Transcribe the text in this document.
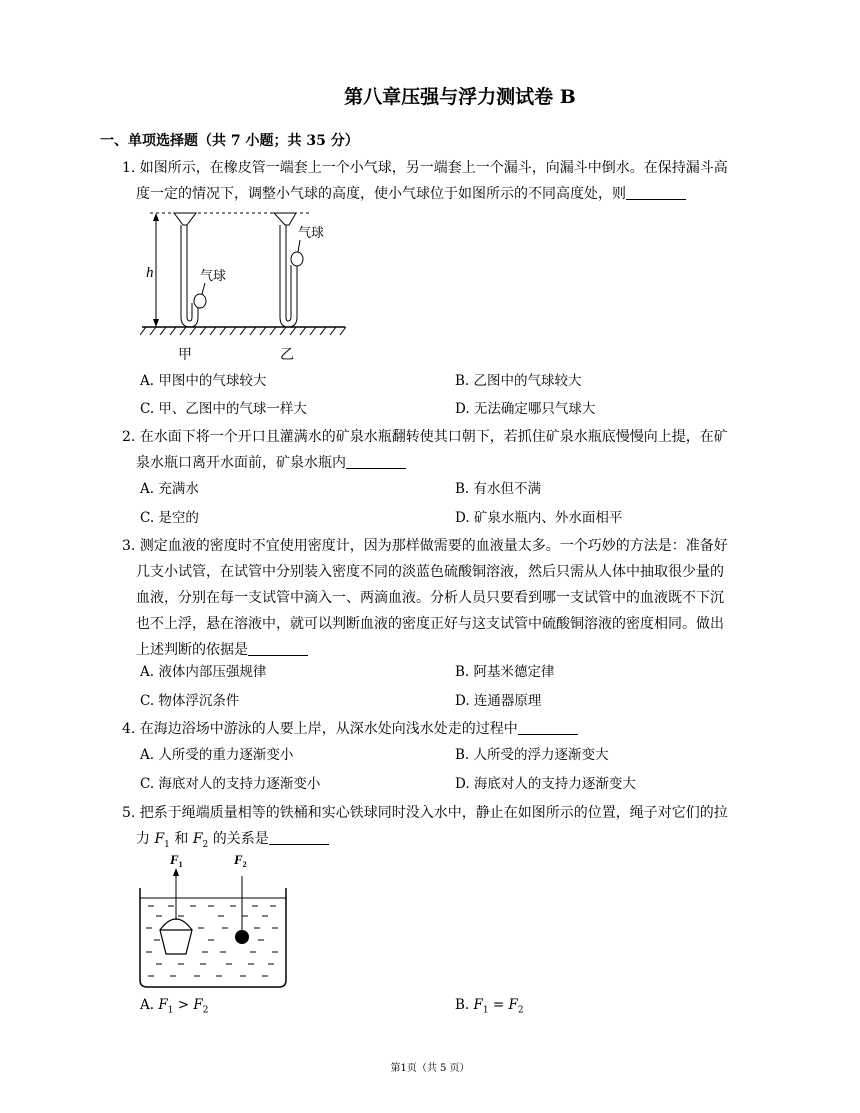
第八章压强与浮力测试卷 B
一、单项选择题（共 7 小题；共 35 分）
1. 如图所示，在橡皮管一端套上一个小气球，另一端套上一个漏斗，向漏斗中倒水。在保持漏斗高
度一定的情况下，调整小气球的高度，使小气球位于如图所示的不同高度处，则
h	气球
气球
甲	乙
A. 甲图中的气球较大	B. 乙图中的气球较大
C. 甲、乙图中的气球一样大	D. 无法确定哪只气球大
2. 在水面下将一个开口且灌满水的矿泉水瓶翻转使其口朝下，若抓住矿泉水瓶底慢慢向上提，在矿
泉水瓶口离开水面前，矿泉水瓶内
A. 充满水	B. 有水但不满
C. 是空的	D. 矿泉水瓶内、外水面相平
3. 测定血液的密度时不宜使用密度计，因为那样做需要的血液量太多。一个巧妙的方法是：准备好
几支小试管，在试管中分别装入密度不同的淡蓝色硫酸铜溶液，然后只需从人体中抽取很少量的
血液，分别在每一支试管中滴入一、两滴血液。分析人员只要看到哪一支试管中的血液既不下沉
也不上浮，悬在溶液中，就可以判断血液的密度正好与这支试管中硫酸铜溶液的密度相同。做出
上述判断的依据是
A. 液体内部压强规律	B. 阿基米德定律
C. 物体浮沉条件	D. 连通器原理
4. 在海边浴场中游泳的人要上岸，从深水处向浅水处走的过程中
A. 人所受的重力逐渐变小	B. 人所受的浮力逐渐变大
C. 海底对人的支持力逐渐变小	D. 海底对人的支持力逐渐变大
5. 把系于绳端质量相等的铁桶和实心铁球同时没入水中，静止在如图所示的位置，绳子对它们的拉
力 $F_1$ 和 $F_2$ 的关系是
$F_1$	$F_2$
A. $F_1 > F_2$	B. $F_1 = F_2$
第1页（共 5 页）
